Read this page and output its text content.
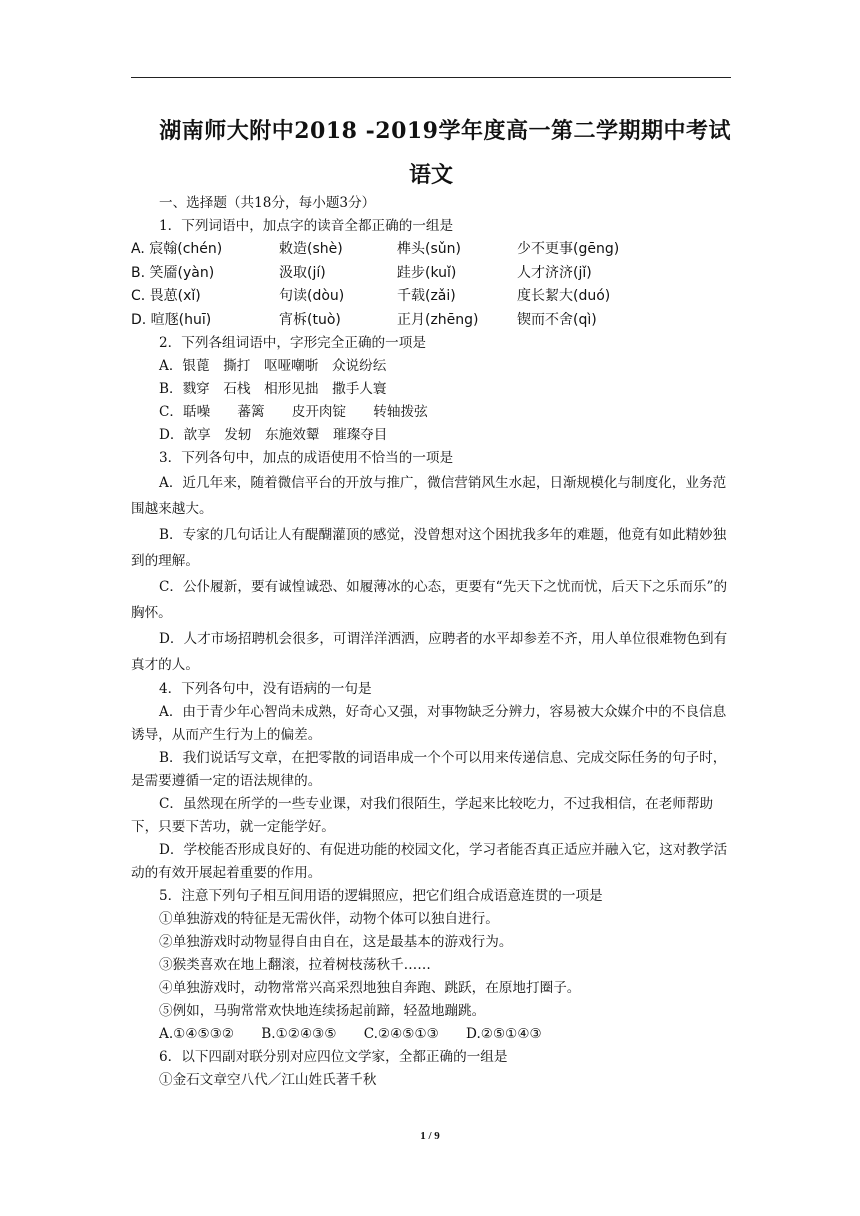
湖南师大附中2018 -2019学年度高一第二学期期中考试
语文

一、选择题（共18分，每小题3分）

1．下列词语中，加点字的读音全都正确的一组是

A. 宸翰(chén)	敕造(shè)	榫头(sǔn)	少不更事(gēng)
B. 笑靥(yàn)	汲取(jí)	跬步(kuǐ)	人才济济(jǐ)
C. 畏葸(xǐ)	句读(dòu)	千载(zǎi)	度长絜大(duó)
D. 喧豗(huī)	宵柝(tuò)	正月(zhēng)	锲而不舍(qì)

2．下列各组词语中，字形完全正确的一项是

A．银蓖　撕打　呕哑嘲哳　众说纷纭

B．戮穿　石栈　相形见拙　撒手人寰

C．聒噪　　蕃篱　　皮开肉锭　　转轴拨弦

D．歆享　发轫　东施效颦　璀璨夺目

3．下列各句中，加点的成语使用不恰当的一项是

A．近几年来，随着微信平台的开放与推广，微信营销风生水起，日渐规模化与制度化，业务范围越来越大。

B．专家的几句话让人有醍醐灌顶的感觉，没曾想对这个困扰我多年的难题，他竟有如此精妙独到的理解。

C．公仆履新，要有诚惶诚恐、如履薄冰的心态，更要有“先天下之忧而忧，后天下之乐而乐”的胸怀。

D．人才市场招聘机会很多，可谓洋洋洒洒，应聘者的水平却参差不齐，用人单位很难物色到有真才的人。

4．下列各句中，没有语病的一句是

A．由于青少年心智尚未成熟，好奇心又强，对事物缺乏分辨力，容易被大众媒介中的不良信息诱导，从而产生行为上的偏差。

B．我们说话写文章，在把零散的词语串成一个个可以用来传递信息、完成交际任务的句子时，是需要遵循一定的语法规律的。

C．虽然现在所学的一些专业课，对我们很陌生，学起来比较吃力，不过我相信，在老师帮助下，只要下苦功，就一定能学好。

D．学校能否形成良好的、有促进功能的校园文化，学习者能否真正适应并融入它，这对教学活动的有效开展起着重要的作用。

5．注意下列句子相互间用语的逻辑照应，把它们组合成语意连贯的一项是

①单独游戏的特征是无需伙伴，动物个体可以独自进行。

②单独游戏时动物显得自由自在，这是最基本的游戏行为。

③猴类喜欢在地上翻滚，拉着树枝荡秋千……

④单独游戏时，动物常常兴高采烈地独自奔跑、跳跃，在原地打圈子。

⑤例如，马驹常常欢快地连续扬起前蹄，轻盈地蹦跳。

A.①④⑤③②　　B.①②④③⑤　　C.②④⑤①③　　D.②⑤①④③

6．以下四副对联分别对应四位文学家，全都正确的一组是

①金石文章空八代／江山姓氏著千秋

1 / 9
